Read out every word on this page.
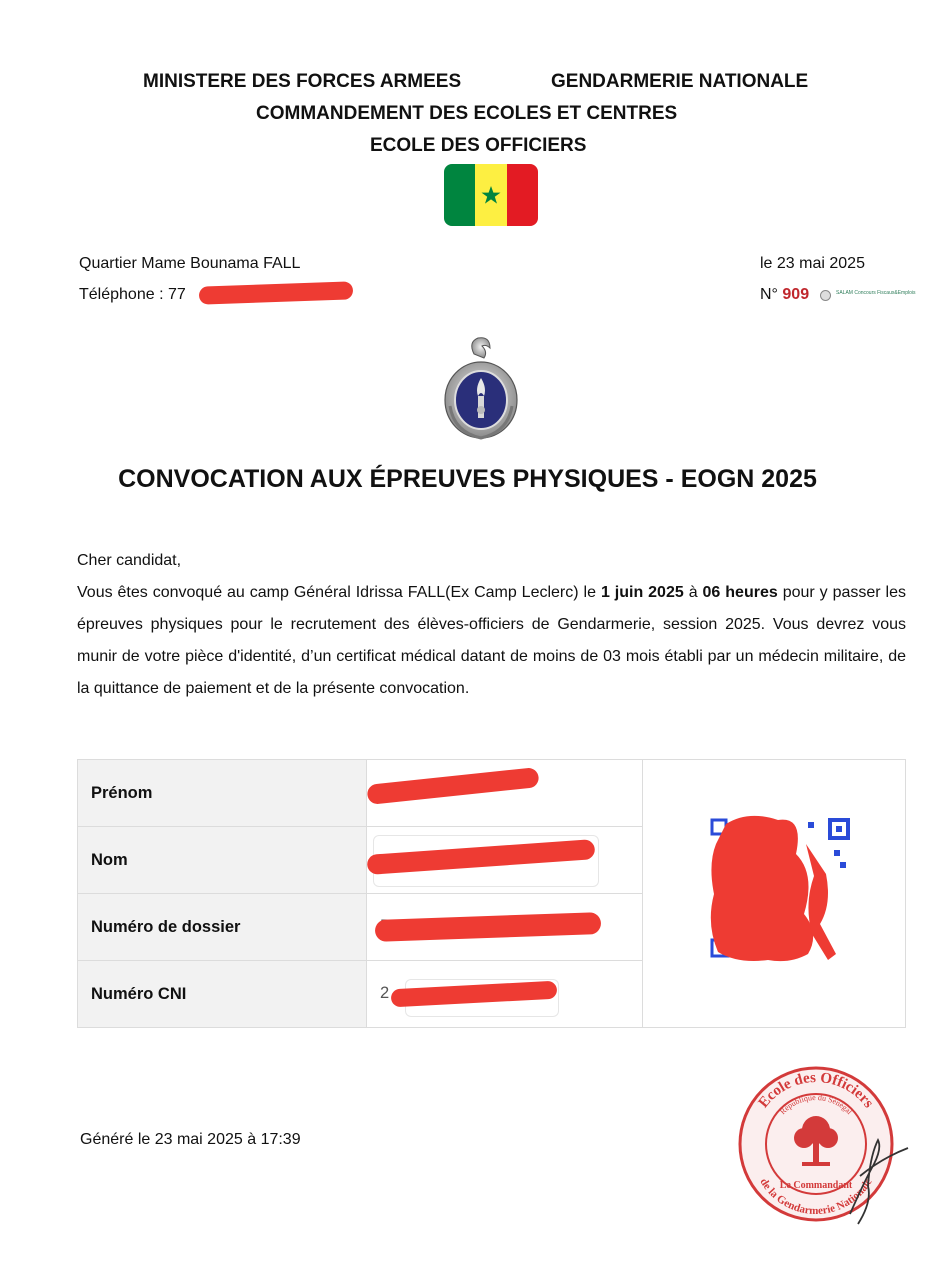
MINISTERE DES FORCES ARMEES	GENDARMERIE NATIONALE
COMMANDEMENT DES ECOLES ET CENTRES
ECOLE DES OFFICIERS
Quartier Mame Bounama FALL
Téléphone : 77
le 23 mai 2025
N° 909	SALAM Concours Fiscaux&Emplois
CONVOCATION AUX ÉPREUVES PHYSIQUES - EOGN 2025
Cher candidat,
Vous êtes convoqué au camp Général Idrissa FALL(Ex Camp Leclerc) le 1 juin 2025 à 06 heures pour y passer les épreuves physiques pour le recrutement des élèves-officiers de Gendarmerie, session 2025. Vous devrez vous munir de votre pièce d'identité, d’un certificat médical datant de moins de 03 mois établi par un médecin militaire, de la quittance de paiement et de la présente convocation.
Prénom	

Nom		

Numéro de dossier	

Numéro CNI	2	
Généré le 23 mai 2025 à 17:39
Ecole des Officiers
République du Sénégal
de la Gendarmerie Nationale
Le Commandant
